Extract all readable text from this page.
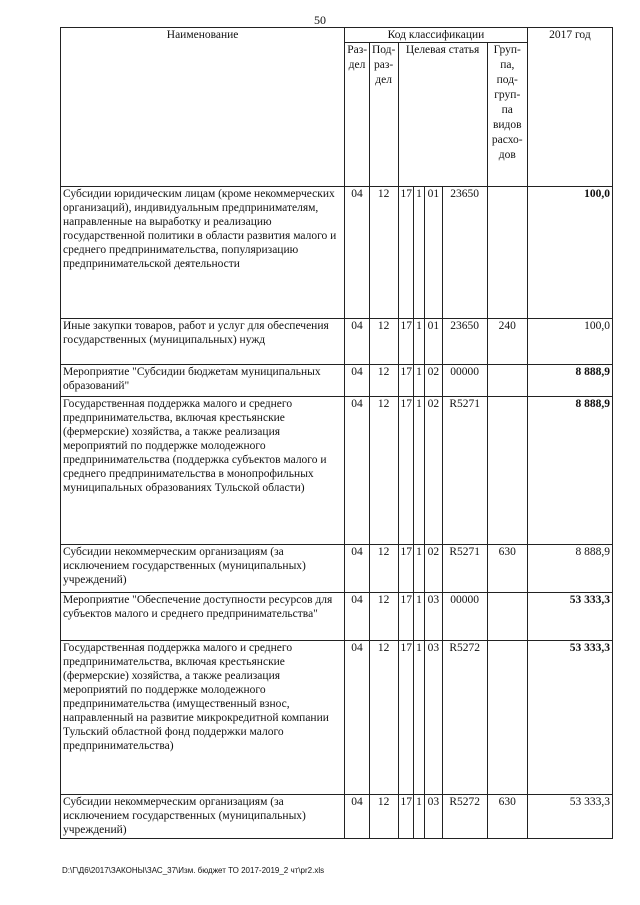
50
Наименование	Код классификации							2017 год
	Раз-дел	Под-раз-дел	Целевая статья				Груп-па, под-груп-па видов расхо-дов	
Субсидии юридическим лицам (кроме некоммерческих организаций), индивидуальным предпринимателям, направленные на выработку и реализацию государственной политики в области развития малого и среднего предпринимательства, популяризацию предпринимательской деятельности	04	12	17	1	01	23650		100,0
Иные закупки товаров, работ и услуг для обеспечения государственных (муниципальных) нужд	04	12	17	1	01	23650	240	100,0
Мероприятие "Субсидии бюджетам муниципальных образований"	04	12	17	1	02	00000		8 888,9
Государственная поддержка малого и среднего предпринимательства, включая крестьянские (фермерские) хозяйства, а также реализация мероприятий по поддержке молодежного предпринимательства (поддержка субъектов малого и среднего предпринимательства в монопрофильных муниципальных образованиях Тульской области)	04	12	17	1	02	R5271		8 888,9
Субсидии некоммерческим организациям (за исключением государственных (муниципальных) учреждений)	04	12	17	1	02	R5271	630	8 888,9
Мероприятие "Обеспечение доступности ресурсов для субъектов малого и среднего предпринимательства"	04	12	17	1	03	00000		53 333,3
Государственная поддержка малого и среднего предпринимательства, включая крестьянские (фермерские) хозяйства, а также реализация мероприятий по поддержке молодежного предпринимательства (имущественный взнос, направленный на развитие микрокредитной компании Тульский областной фонд поддержки малого предпринимательства)	04	12	17	1	03	R5272		53 333,3
Субсидии некоммерческим организациям (за исключением государственных (муниципальных) учреждений)	04	12	17	1	03	R5272	630	53 333,3
D:\Г\Д6\2017\ЗАКОНЫ\ЗАС_37\Изм. бюджет ТО 2017-2019_2 чт\pr2.xls
